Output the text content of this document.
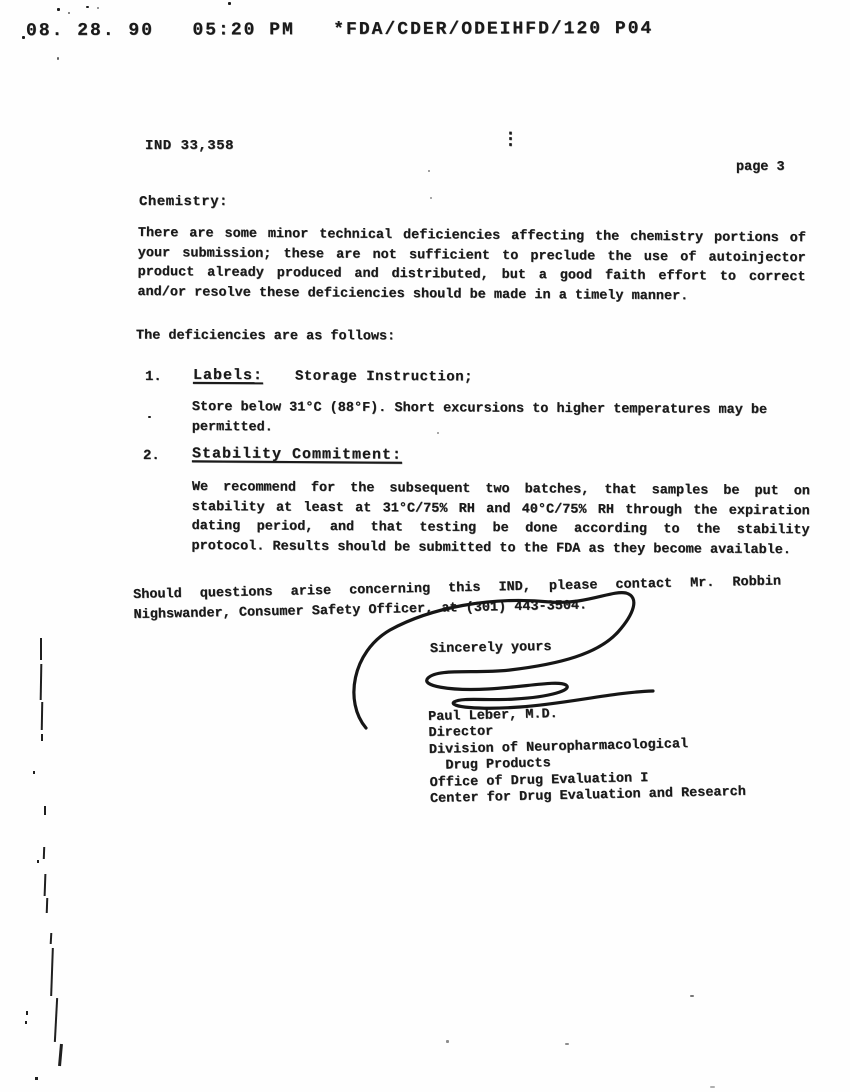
08. 28. 90   05:20 PM   *FDA/CDER/ODEIHFD/120 P04
IND 33,358	⋮
page 3
Chemistry:
There are some minor technical deficiencies affecting the chemistry portions of
your submission; these are not sufficient to preclude the use of autoinjector
product already produced and distributed, but a good faith effort to correct
and/or resolve these deficiencies should be made in a timely manner.
The deficiencies are as follows:
1. Labels: Storage Instruction;
Store below 31°C (88°F). Short excursions to higher temperatures may be
permitted.
2. Stability Commitment:
We recommend for the subsequent two batches, that samples be put on
stability at least at 31°C/75% RH and 40°C/75% RH through the expiration
dating period, and that testing be done according to the stability
protocol. Results should be submitted to the FDA as they become available.
Should questions arise concerning this IND, please contact Mr. Robbin
Nighswander, Consumer Safety Officer, at (301) 443-3504.
Sincerely yours
Paul Leber, M.D.
Director
Division of Neuropharmacological
Drug Products
Office of Drug Evaluation I
Center for Drug Evaluation and Research
